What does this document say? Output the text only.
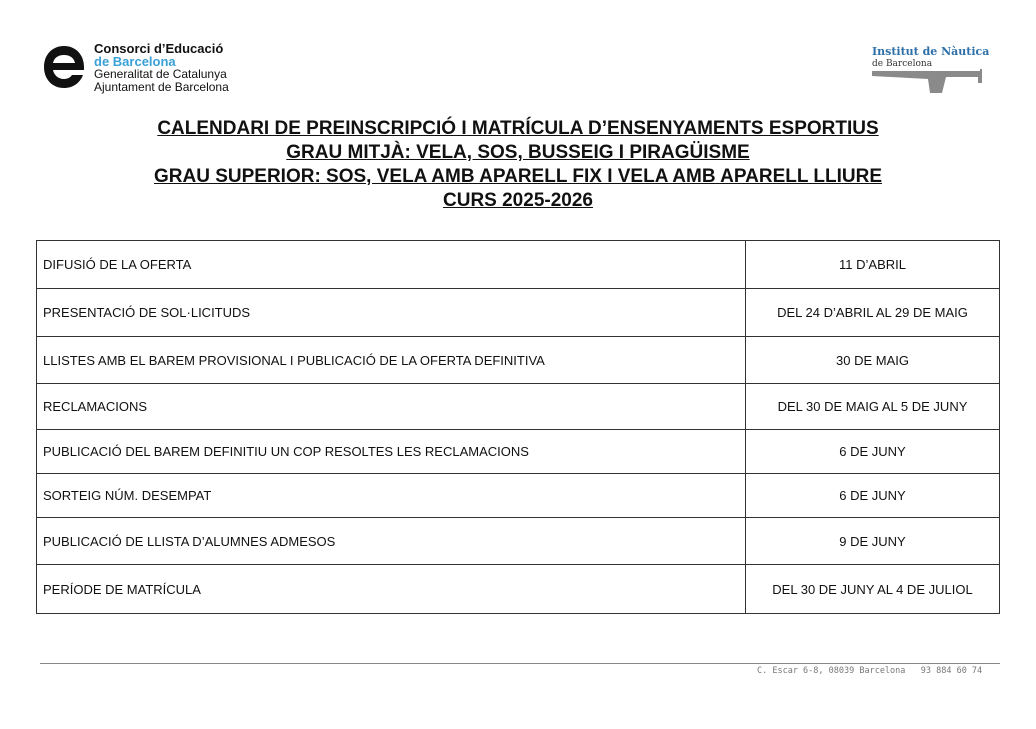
Consorci d’Educació
de Barcelona
Generalitat de Catalunya
Ajuntament de Barcelona
Institut de Nàutica
de Barcelona
CALENDARI DE PREINSCRIPCIÓ I MATRÍCULA D’ENSENYAMENTS ESPORTIUS
GRAU MITJÀ: VELA, SOS, BUSSEIG I PIRAGÜISME
GRAU SUPERIOR: SOS, VELA AMB APARELL FIX I VELA AMB APARELL LLIURE
CURS 2025-2026
DIFUSIÓ DE LA OFERTA	11 D’ABRIL
PRESENTACIÓ DE SOL·LICITUDS	DEL 24 D’ABRIL AL 29 DE MAIG
LLISTES AMB EL BAREM PROVISIONAL I PUBLICACIÓ DE LA OFERTA DEFINITIVA	30 DE MAIG
RECLAMACIONS	DEL 30 DE MAIG AL 5 DE JUNY
PUBLICACIÓ DEL BAREM DEFINITIU UN COP RESOLTES LES RECLAMACIONS	6 DE JUNY
SORTEIG NÚM. DESEMPAT	6 DE JUNY
PUBLICACIÓ DE LLISTA D’ALUMNES ADMESOS	9 DE JUNY
PERÍODE DE MATRÍCULA	DEL 30 DE JUNY AL 4 DE JULIOL
C. Escar 6-8, 08039 Barcelona   93 884 60 74
